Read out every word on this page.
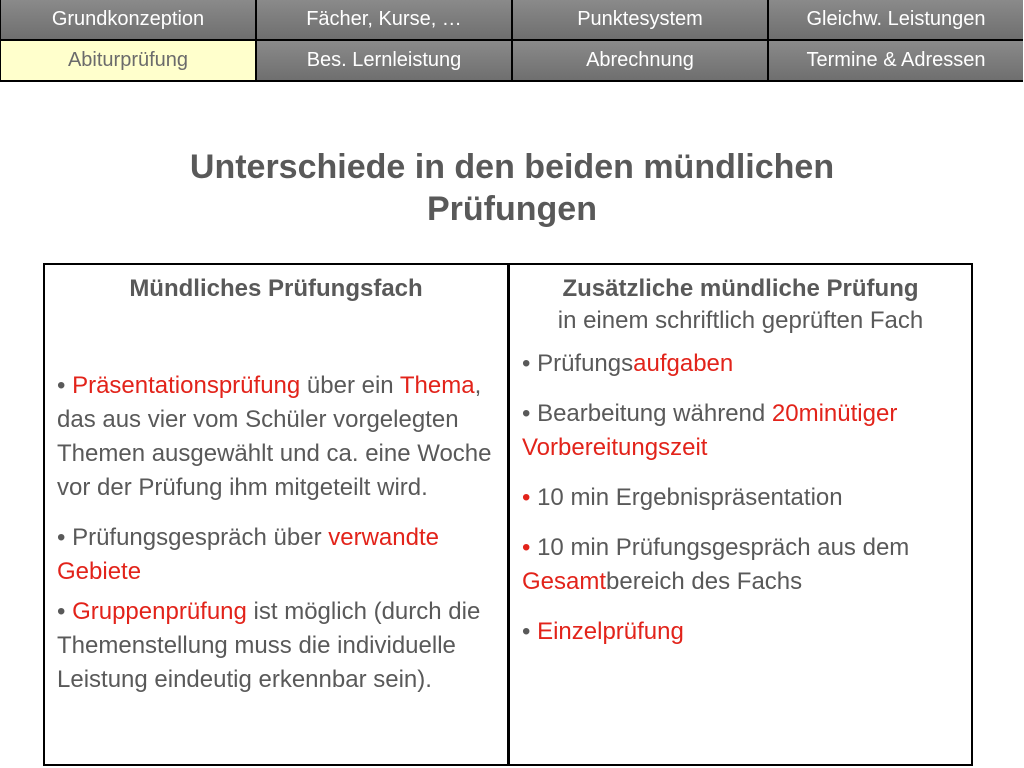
Grundkonzeption	Fächer, Kurse, …	Punktesystem	Gleichw. Leistungen
Abiturprüfung	Bes. Lernleistung	Abrechnung	Termine & Adressen
Unterschiede in den beiden mündlichen
Prüfungen
Mündliches Prüfungsfach
• Präsentationsprüfung über ein Thema, das aus vier vom Schüler vorgelegten Themen ausgewählt und ca. eine Woche vor der Prüfung ihm mitgeteilt wird.
• Prüfungsgespräch über verwandte Gebiete
• Gruppenprüfung ist möglich (durch die Themenstellung muss die individuelle Leistung eindeutig erkennbar sein).
Zusätzliche mündliche Prüfung
in einem schriftlich geprüften Fach
• Prüfungsaufgaben
• Bearbeitung während 20minütiger Vorbereitungszeit
• 10 min Ergebnispräsentation
• 10 min Prüfungsgespräch aus dem Gesamtbereich des Fachs
• Einzelprüfung
